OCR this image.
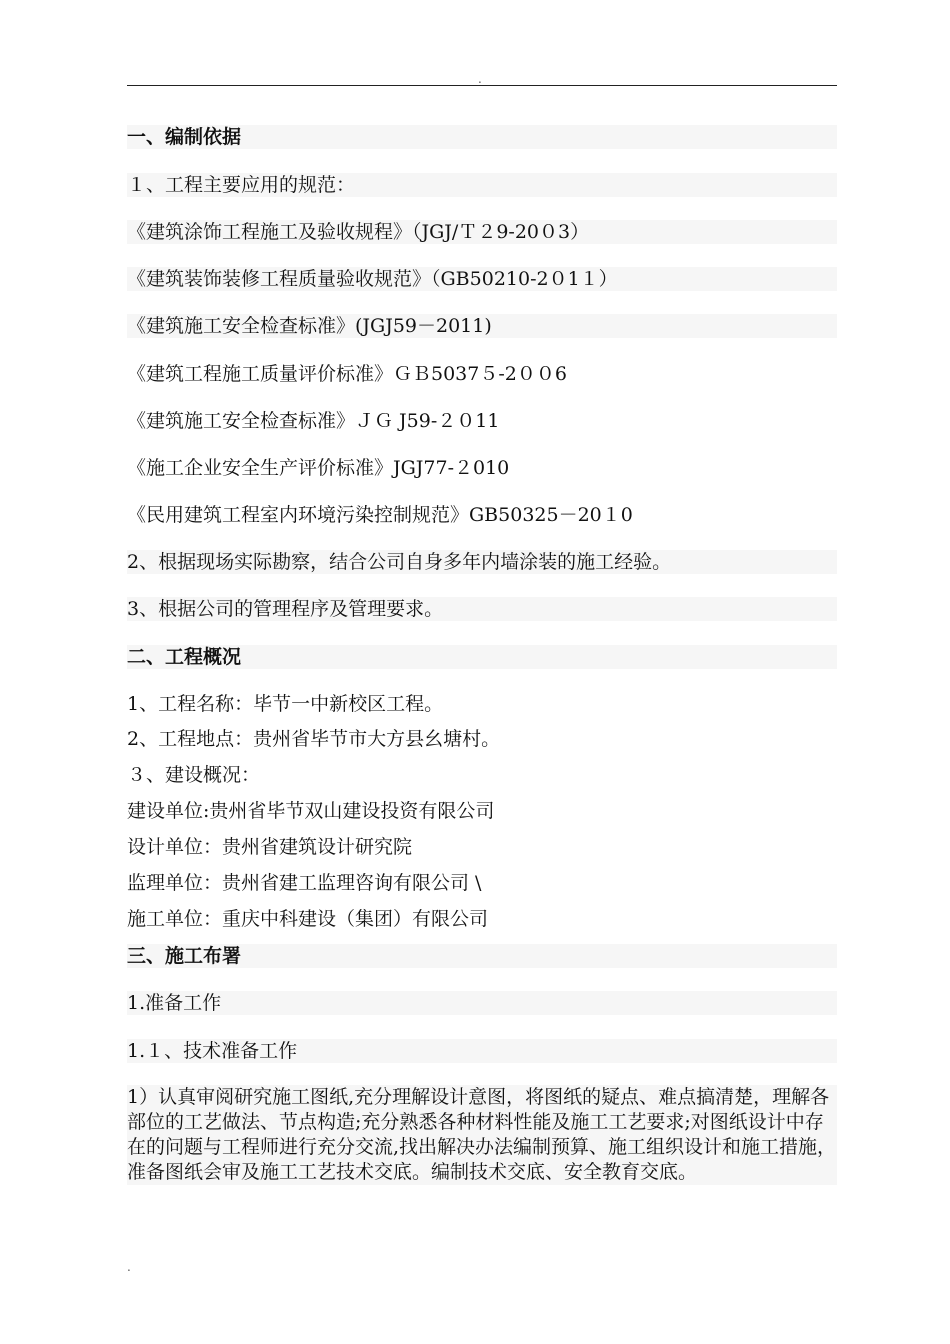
.
一、编制依据
１、工程主要应用的规范：
《建筑涂饰工程施工及验收规程》（JGJ/Ｔ２9-20０3）
《建筑装饰装修工程质量验收规范》（GB50210-2０1１）
《建筑施工安全检查标准》(JGJ59－2011)
《建筑工程施工质量评价标准》ＧＢ5037５-2００6
《建筑施工安全检查标准》ＪＧ J59-２０11
《施工企业安全生产评价标准》JGJ77-２010
《民用建筑工程室内环境污染控制规范》GB50325－20１0
2、根据现场实际勘察，结合公司自身多年内墙涂装的施工经验。
3、根据公司的管理程序及管理要求。
二、工程概况
1、工程名称：毕节一中新校区工程。
2、工程地点：贵州省毕节市大方县幺塘村。
３、建设概况：
建设单位:贵州省毕节双山建设投资有限公司
设计单位：贵州省建筑设计研究院
监理单位：贵州省建工监理咨询有限公司 \
施工单位：重庆中科建设（集团）有限公司
三、施工布署
1.准备工作
1.１、技术准备工作
1）认真审阅研究施工图纸,充分理解设计意图，将图纸的疑点、难点搞清楚，理解各部位的工艺做法、节点构造;充分熟悉各种材料性能及施工工艺要求;对图纸设计中存在的问题与工程师进行充分交流,找出解决办法编制预算、施工组织设计和施工措施，准备图纸会审及施工工艺技术交底。编制技术交底、安全教育交底。
.
